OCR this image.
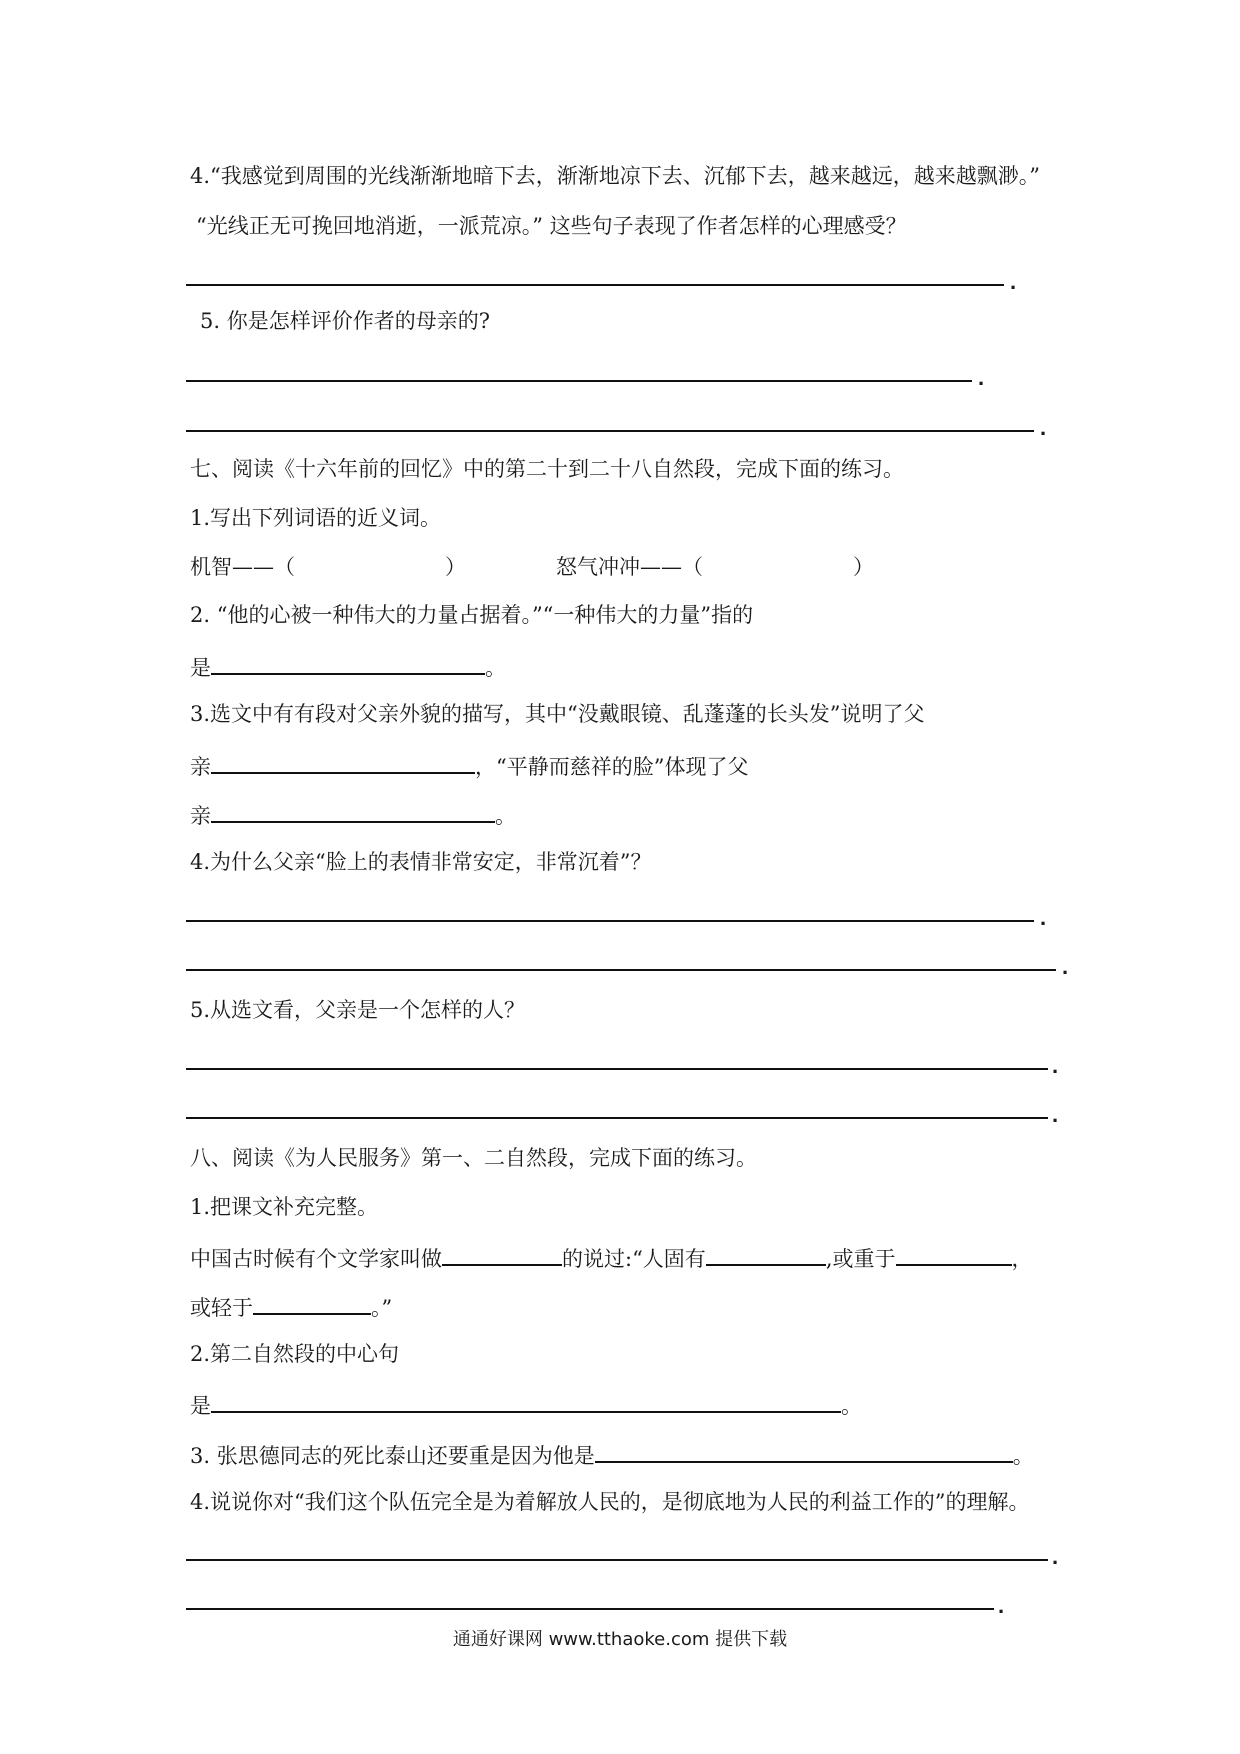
4.“我感觉到周围的光线渐渐地暗下去，渐渐地凉下去、沉郁下去，越来越远，越来越飘渺。”
“光线正无可挽回地消逝，一派荒凉。” 这些句子表现了作者怎样的心理感受？
.
5. 你是怎样评价作者的母亲的?
.
.
七、阅读《十六年前的回忆》中的第二十到二十八自然段，完成下面的练习。
1.写出下列词语的近义词。
机智——（	）	怒气冲冲——（	）
2. “他的心被一种伟大的力量占据着。”“一种伟大的力量”指的
是	。
3.选文中有有段对父亲外貌的描写，其中“没戴眼镜、乱蓬蓬的长头发”说明了父
亲	，“平静而慈祥的脸”体现了父
亲	。
4.为什么父亲“脸上的表情非常安定，非常沉着”？
.
.
5.从选文看，父亲是一个怎样的人？
.
.
八、阅读《为人民服务》第一、二自然段，完成下面的练习。
1.把课文补充完整。
中国古时候有个文学家叫做	的说过:“人固有	,或重于	，
或轻于	。”
2.第二自然段的中心句
是	。
3. 张思德同志的死比泰山还要重是因为他是	。
4.说说你对“我们这个队伍完全是为着解放人民的，是彻底地为人民的利益工作的”的理解。
.
.
通通好课网 www.tthaoke.com 提供下载
